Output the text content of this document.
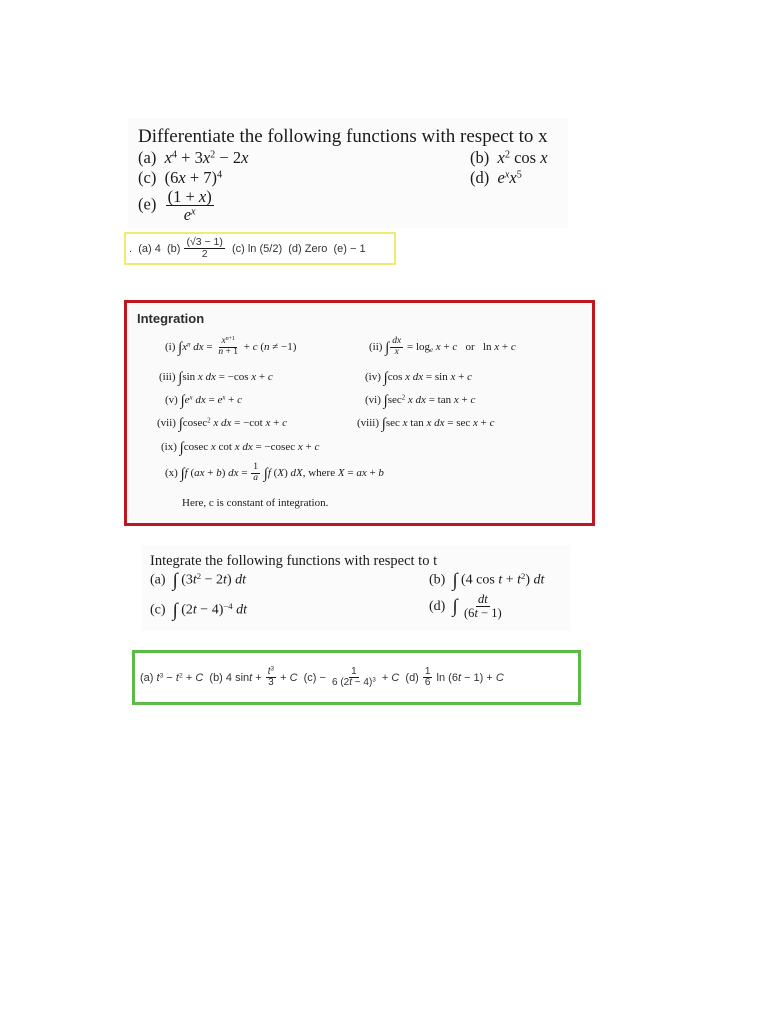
Differentiate the following functions with respect to x
(a) $x^4 + 3x^2 - 2x$	(b) $x^2$ cos x
(c)  $(6x + 7)^4$	(d) $e^xx^5$
$(e) \frac{(1 + x)}{e^x}$
.
(a) 4
(b)
$\frac{(√3 - 1)}{2}$
(c) ln (5/2)
(d) Zero
(e) − 1
Integration
(i) $\int x^n$ dx = $\frac{x^{n+1}}{n + 1} + c$ (n ≠ −1)	(ii) ∫ $\frac{dx}{x} = \log_e x + c$   or   ln x + c
(iii) ∫sin x dx = −cos x + c	(iv) ∫cos x dx = sin x + c
(v) $\int e^x$ dx = $e^x + c$	(vi) $\int\sec^2$ x dx = tan x + c
(vii) ∫cosec$^2$ x dx = −cot x + c	(viii) ∫sec x tan x dx = sec x + c
(ix) ∫cosec x cot x dx = −cosec x + c
(x) ∫f (ax + b) dx = $\frac{1}{a} \int f$ (X) dX, where X = ax + b
Here, c is constant of integration.
Integrate the following functions with respect to t
(a) ∫ $(3t^2 - 2t)$ dt	(b) ∫ (4 $\cos t + t^2$) dt
(c) ∫ $(2t - 4)^{-4}$ dt	(d) ∫ $\frac{dt}{(6t - 1)}$
(a)
$t^3 - t^2 + C$
(b)
4 $\sin t + \frac{t^3}{3} + C$
(c)
− $\frac{1}{6 (2t - 4)^3} + C$
(d)
$\frac{1}{6}$ ln (6t − 1) + C
